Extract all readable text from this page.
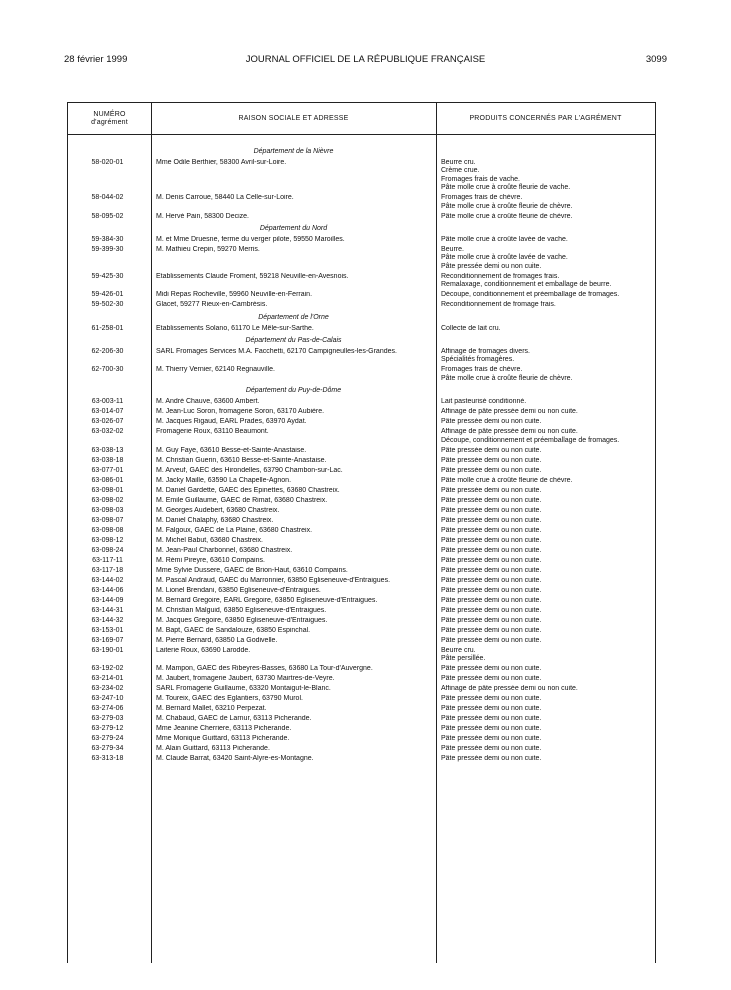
28 février 1999	JOURNAL OFFICIEL DE LA RÉPUBLIQUE FRANÇAISE	3099
NUMÉRO
d'agrément
RAISON SOCIALE ET ADRESSE	PRODUITS CONCERNÉS PAR L'AGRÉMENT
Département de la Nièvre
58-020-01	Mme Odile Berthier, 58300 Avril-sur-Loire.	Beurre cru.
Crème crue.
Fromages frais de vache.
Pâte molle crue à croûte fleurie de vache.
58-044-02	M. Denis Carroue, 58440 La Celle-sur-Loire.	Fromages frais de chèvre.
Pâte molle crue à croûte fleurie de chèvre.
58-095-02	M. Hervé Pain, 58300 Decize.	Pâte molle crue à croûte fleurie de chèvre.
Département du Nord
59-384-30	M. et Mme Druesne, ferme du verger pilote, 59550 Maroilles.	Pâte molle crue à croûte lavée de vache.
59-399-30	M. Mathieu Crepin, 59270 Merris.	Beurre.
Pâte molle crue à croûte lavée de vache.
Pâte pressée demi ou non cuite.
59-425-30	Etablissements Claude Froment, 59218 Neuville-en-Avesnois.	Reconditionnement de fromages frais.
Remalaxage, conditionnement et emballage de beurre.
59-426-01	Midi Repas Rocheville, 59960 Neuville-en-Ferrain.	Découpe, conditionnement et préemballage de fromages.
59-502-30	Glacet, 59277 Rieux-en-Cambrésis.	Reconditionnement de fromage frais.
Département de l'Orne
61-258-01	Etablissements Solano, 61170 Le Mêle-sur-Sarthe.	Collecte de lait cru.
Département du Pas-de-Calais
62-206-30	SARL Fromages Services M.A. Facchetti, 62170 Campigneulles-les-Grandes.	Affinage de fromages divers.
Spécialités fromagères.
62-700-30	M. Thierry Vernier, 62140 Regnauville.	Fromages frais de chèvre.
Pâte molle crue à croûte fleurie de chèvre.
Département du Puy-de-Dôme
63-003-11	M. André Chauve, 63600 Ambert.	Lait pasteurisé conditionné.
63-014-07	M. Jean-Luc Soron, fromagerie Soron, 63170 Aubière.	Affinage de pâte pressée demi ou non cuite.
63-026-07	M. Jacques Rigaud, EARL Prades, 63970 Aydat.	Pâte pressée demi ou non cuite.
63-032-02	Fromagerie Roux, 63110 Beaumont.	Affinage de pâte pressée demi ou non cuite.
Découpe, conditionnement et préemballage de fromages.
63-038-13	M. Guy Faye, 63610 Besse-et-Sainte-Anastaise.	Pâte pressée demi ou non cuite.
63-038-18	M. Christian Guerin, 63610 Besse-et-Sainte-Anastaise.	Pâte pressée demi ou non cuite.
63-077-01	M. Arveuf, GAEC des Hirondelles, 63790 Chambon-sur-Lac.	Pâte pressée demi ou non cuite.
63-086-01	M. Jacky Maille, 63590 La Chapelle-Agnon.	Pâte molle crue à croûte fleurie de chèvre.
63-098-01	M. Daniel Gardette, GAEC des Epinettes, 63680 Chastreix.	Pâte pressée demi ou non cuite.
63-098-02	M. Emile Guillaume, GAEC de Rimat, 63680 Chastreix.	Pâte pressée demi ou non cuite.
63-098-03	M. Georges Audebert, 63680 Chastreix.	Pâte pressée demi ou non cuite.
63-098-07	M. Daniel Chalaphy, 63680 Chastreix.	Pâte pressée demi ou non cuite.
63-098-08	M. Falgoux, GAEC de La Plaine, 63680 Chastreix.	Pâte pressée demi ou non cuite.
63-098-12	M. Michel Babut, 63680 Chastreix.	Pâte pressée demi ou non cuite.
63-098-24	M. Jean-Paul Charbonnel, 63680 Chastreix.	Pâte pressée demi ou non cuite.
63-117-11	M. Rémi Pireyre, 63610 Compains.	Pâte pressée demi ou non cuite.
63-117-18	Mme Sylvie Dussere, GAEC de Brion-Haut, 63610 Compains.	Pâte pressée demi ou non cuite.
63-144-02	M. Pascal Andraud, GAEC du Marronnier, 63850 Egliseneuve-d'Entraigues.	Pâte pressée demi ou non cuite.
63-144-06	M. Lionel Brendani, 63850 Egliseneuve-d'Entraigues.	Pâte pressée demi ou non cuite.
63-144-09	M. Bernard Gregoire, EARL Gregoire, 63850 Egliseneuve-d'Entraigues.	Pâte pressée demi ou non cuite.
63-144-31	M. Christian Malguid, 63850 Egliseneuve-d'Entraigues.	Pâte pressée demi ou non cuite.
63-144-32	M. Jacques Gregoire, 63850 Egliseneuve-d'Entraigues.	Pâte pressée demi ou non cuite.
63-153-01	M. Bapt, GAEC de Sandalouze, 63850 Espinchal.	Pâte pressée demi ou non cuite.
63-169-07	M. Pierre Bernard, 63850 La Godivelle.	Pâte pressée demi ou non cuite.
63-190-01	Laiterie Roux, 63690 Larodde.	Beurre cru.
Pâte persillée.
63-192-02	M. Mampon, GAEC des Ribeyres-Basses, 63680 La Tour-d'Auvergne.	Pâte pressée demi ou non cuite.
63-214-01	M. Jaubert, fromagerie Jaubert, 63730 Mairtres-de-Veyre.	Pâte pressée demi ou non cuite.
63-234-02	SARL Fromagerie Guillaume, 63320 Montaigut-le-Blanc.	Affinage de pâte pressée demi ou non cuite.
63-247-10	M. Toureix, GAEC des Eglantiers, 63790 Murol.	Pâte pressée demi ou non cuite.
63-274-06	M. Bernard Mallet, 63210 Perpezat.	Pâte pressée demi ou non cuite.
63-279-03	M. Chabaud, GAEC de Larnur, 63113 Picherande.	Pâte pressée demi ou non cuite.
63-279-12	Mme Jeanine Cherriere, 63113 Picherande.	Pâte pressée demi ou non cuite.
63-279-24	Mme Monique Guittard, 63113 Picherande.	Pâte pressée demi ou non cuite.
63-279-34	M. Alain Guittard, 63113 Picherande.	Pâte pressée demi ou non cuite.
63-313-18	M. Claude Barrat, 63420 Saint-Alyre-es-Montagne.	Pâte pressée demi ou non cuite.
